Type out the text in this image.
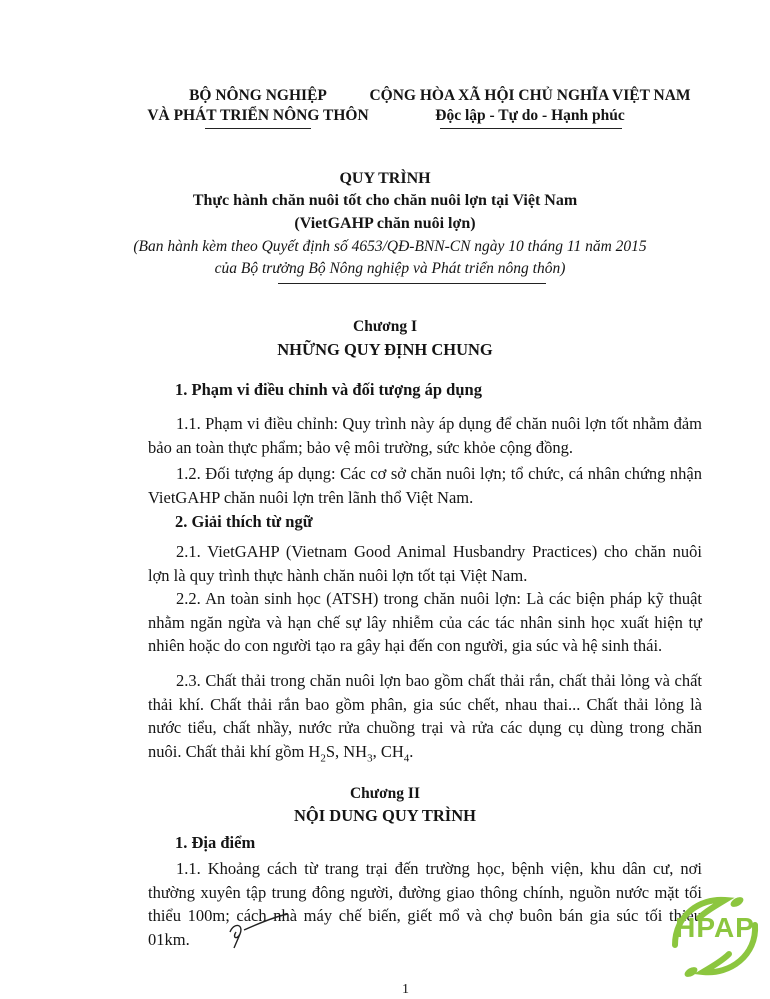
BỘ NÔNG NGHIỆP
VÀ PHÁT TRIỂN NÔNG THÔN
CỘNG HÒA XÃ HỘI CHỦ NGHĨA VIỆT NAM
Độc lập - Tự do - Hạnh phúc
QUY TRÌNH
Thực hành chăn nuôi tốt cho chăn nuôi lợn tại Việt Nam
(VietGAHP chăn nuôi lợn)
(Ban hành kèm theo Quyết định số 4653/QĐ-BNN-CN ngày 10 tháng 11 năm 2015
của Bộ trưởng Bộ Nông nghiệp và Phát triển nông thôn)
Chương I
NHỮNG QUY ĐỊNH CHUNG
1. Phạm vi điều chỉnh và đối tượng áp dụng

1.1. Phạm vi điều chỉnh: Quy trình này áp dụng để chăn nuôi lợn tốt nhằm đảm bảo an toàn thực phẩm; bảo vệ môi trường, sức khỏe cộng đồng.

1.2. Đối tượng áp dụng: Các cơ sở chăn nuôi lợn; tổ chức, cá nhân chứng nhận VietGAHP chăn nuôi lợn trên lãnh thổ Việt Nam.

2. Giải thích từ ngữ

2.1. VietGAHP (Vietnam Good Animal Husbandry Practices) cho chăn nuôi lợn là quy trình thực hành chăn nuôi lợn tốt tại Việt Nam.

2.2. An toàn sinh học (ATSH) trong chăn nuôi lợn: Là các biện pháp kỹ thuật nhằm ngăn ngừa và hạn chế sự lây nhiễm của các tác nhân sinh học xuất hiện tự nhiên hoặc do con người tạo ra gây hại đến con người, gia súc và hệ sinh thái.

2.3. Chất thải trong chăn nuôi lợn bao gồm chất thải rắn, chất thải lỏng và chất thải khí. Chất thải rắn bao gồm phân, gia súc chết, nhau thai... Chất thải lỏng là nước tiểu, chất nhầy, nước rửa chuồng trại và rửa các dụng cụ dùng trong chăn nuôi. Chất thải khí gồm $H_2S$, $NH_3$, $CH_4$.

Chương II
NỘI DUNG QUY TRÌNH
1. Địa điểm

1.1. Khoảng cách từ trang trại đến trường học, bệnh viện, khu dân cư, nơi thường xuyên tập trung đông người, đường giao thông chính, nguồn nước mặt tối thiểu 100m; cách nhà máy chế biến, giết mổ và chợ buôn bán gia súc tối thiểu 01km.	HPAP
1
